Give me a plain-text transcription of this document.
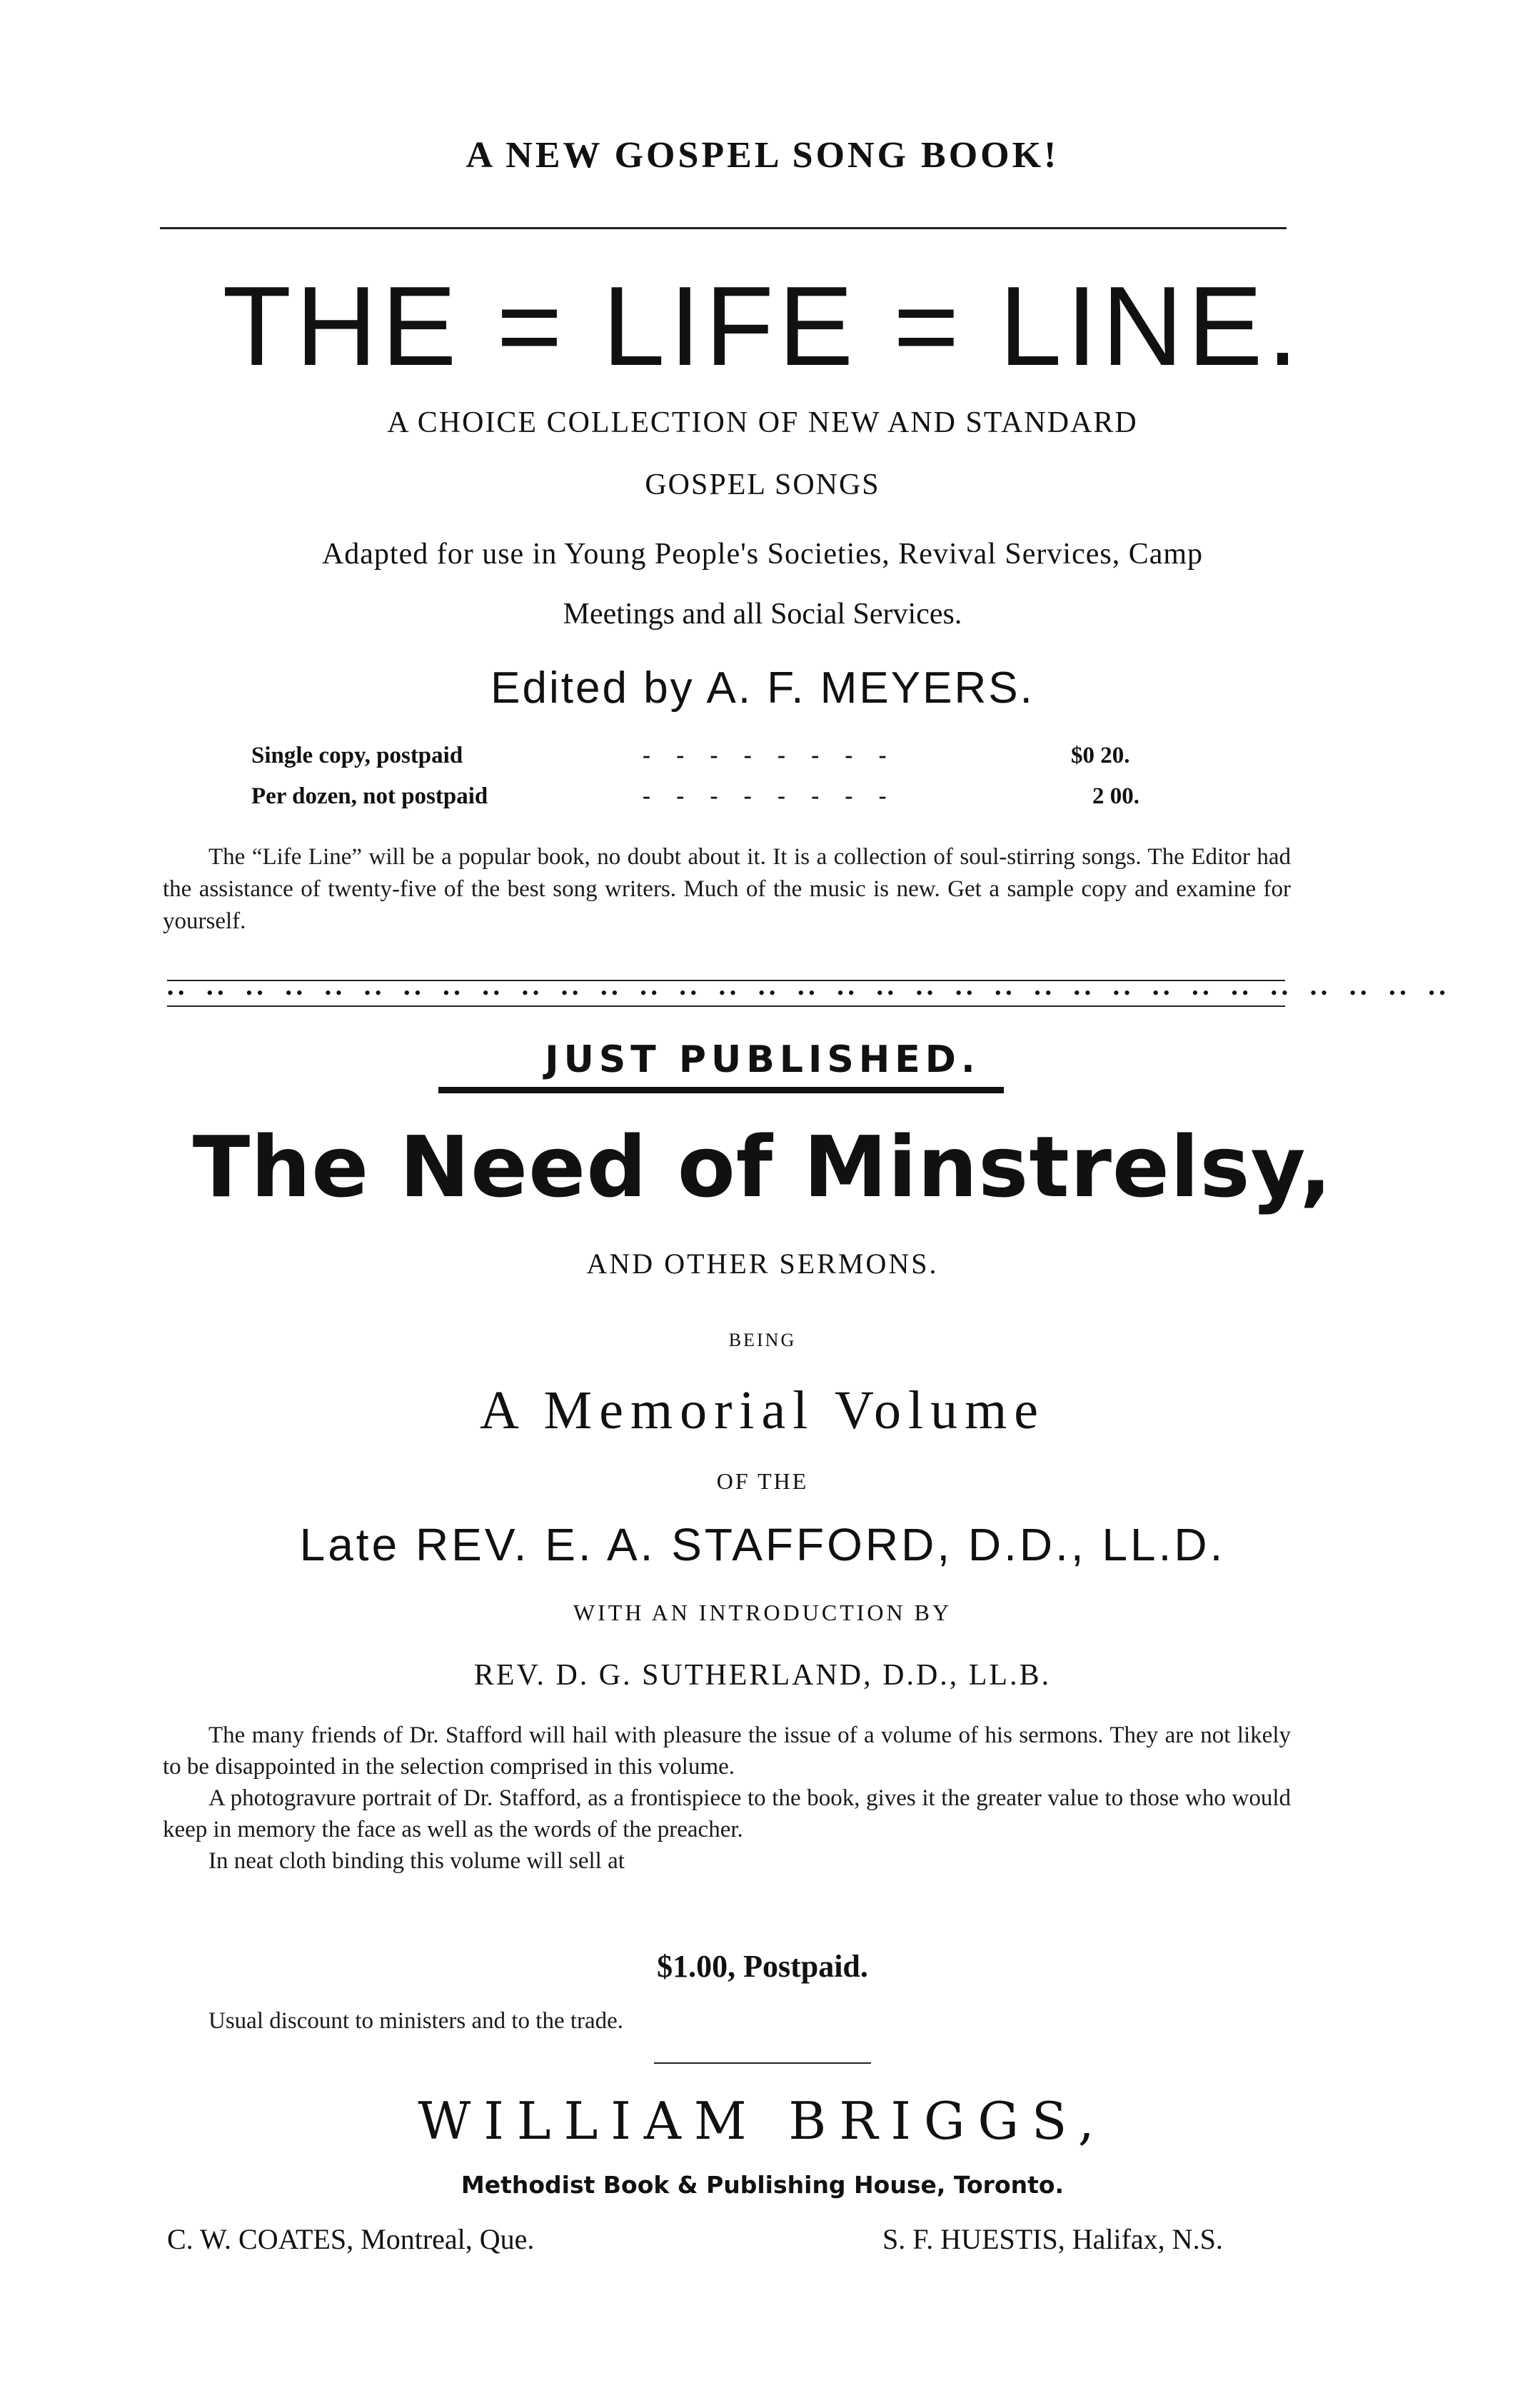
A NEW GOSPEL SONG BOOK!
THE = LIFE = LINE.
A CHOICE COLLECTION OF NEW AND STANDARD
GOSPEL SONGS
Adapted for use in Young People's Societies, Revival Services, Camp
Meetings and all Social Services.
Edited by A. F. MEYERS.
Single copy, postpaid	- - - - - - - -	$0 20.
Per dozen, not postpaid	- - - - - - - -	2 00.

The “Life Line” will be a popular book, no doubt about it. It is a collection of soul-stirring songs. The Editor had the assistance of twenty-five of the best song writers. Much of the music is new. Get a sample copy and examine for yourself.

••  ••  ••  ••  ••  ••  ••  ••  ••  ••  ••  ••  ••  ••  ••  ••  ••  ••  ••  ••  ••  ••  ••  ••  ••  ••  ••  ••  ••  ••  ••  ••  ••
JUST PUBLISHED.
The Need of Minstrelsy,
AND OTHER SERMONS.
BEING
A Memorial Volume
OF THE
Late REV. E. A. STAFFORD, D.D., LL.D.
WITH AN INTRODUCTION BY
REV. D. G. SUTHERLAND, D.D., LL.B.

The many friends of Dr. Stafford will hail with pleasure the issue of a volume of his sermons. They are not likely to be disappointed in the selection comprised in this volume.

A photogravure portrait of Dr. Stafford, as a frontispiece to the book, gives it the greater value to those who would keep in memory the face as well as the words of the preacher.

In neat cloth binding this volume will sell at

$1.00, Postpaid.

Usual discount to ministers and to the trade.

WILLIAM BRIGGS,
Methodist Book & Publishing House, Toronto.
C. W. COATES, Montreal, Que.	S. F. HUESTIS, Halifax, N.S.
